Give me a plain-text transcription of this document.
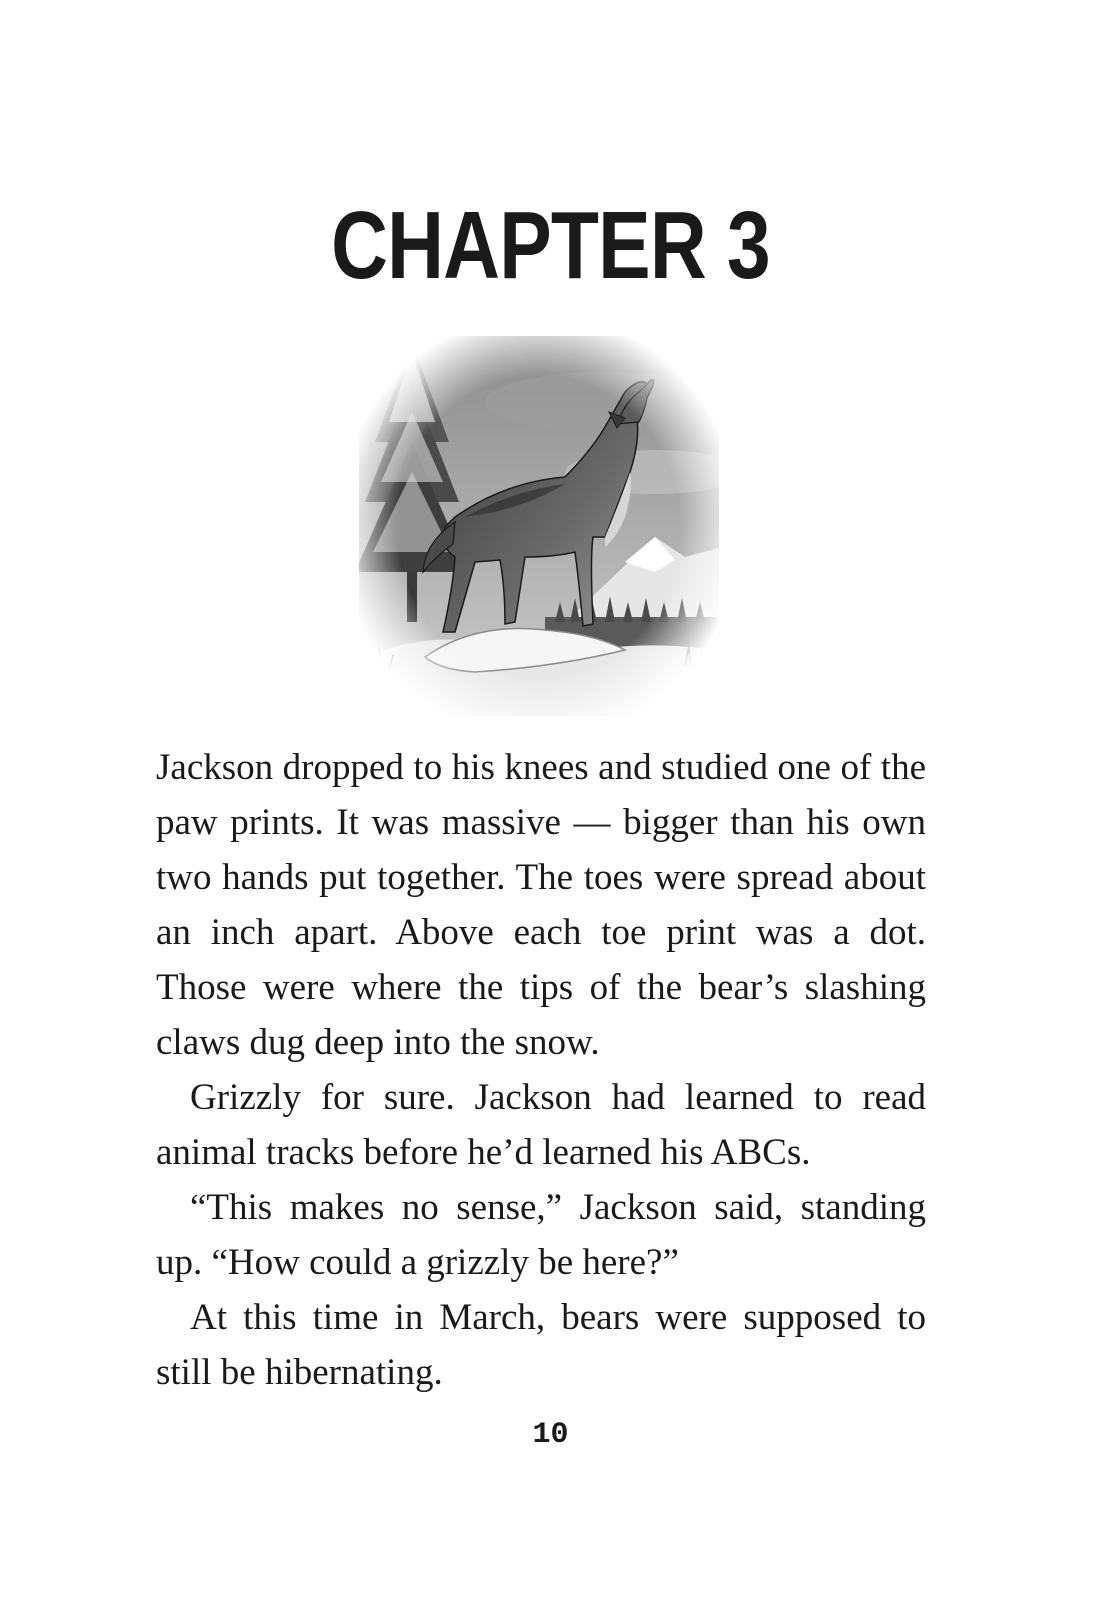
CHAPTER 3

Jackson dropped to his knees and studied one of the paw prints. It was massive — bigger than his own two hands put together. The toes were spread about an inch apart. Above each toe print was a dot. Those were where the tips of the bear’s slashing claws dug deep into the snow.

Grizzly for sure. Jackson had learned to read animal tracks before he’d learned his ABCs.

“This makes no sense,” Jackson said, standing up. “How could a grizzly be here?”

At this time in March, bears were supposed to still be hibernating.

10
